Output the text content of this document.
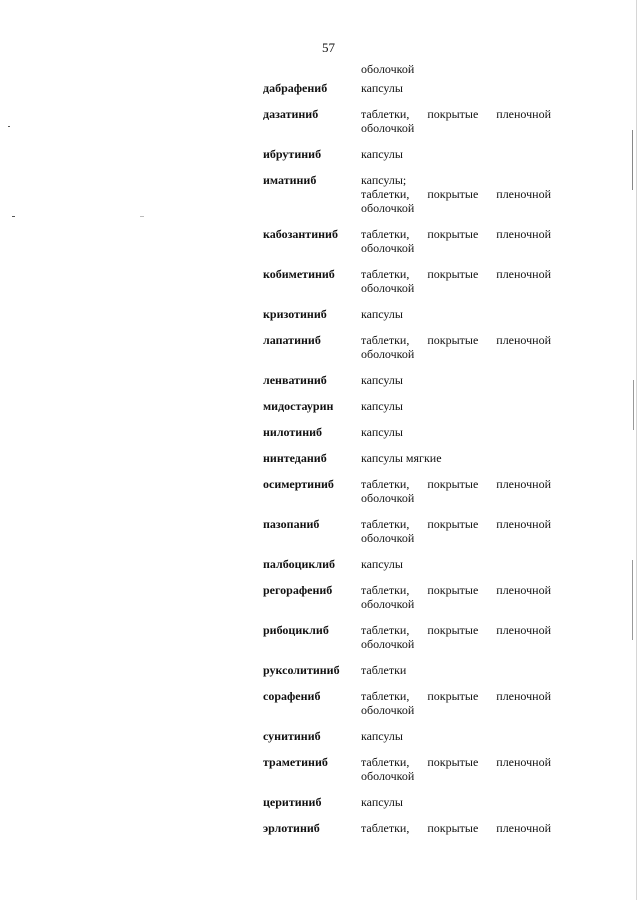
57
оболочкой
дабрафениб	капсулы
дазатиниб	таблетки, покрытые пленочной
оболочкой
ибрутиниб	капсулы
иматиниб	капсулы;
таблетки, покрытые пленочной
оболочкой
кабозантиниб	таблетки, покрытые пленочной
оболочкой
кобиметиниб	таблетки, покрытые пленочной
оболочкой
кризотиниб	капсулы
лапатиниб	таблетки, покрытые пленочной
оболочкой
ленватиниб	капсулы
мидостаурин	капсулы
нилотиниб	капсулы
нинтеданиб	капсулы мягкие
осимертиниб	таблетки, покрытые пленочной
оболочкой
пазопаниб	таблетки, покрытые пленочной
оболочкой
палбоциклиб	капсулы
регорафениб	таблетки, покрытые пленочной
оболочкой
рибоциклиб	таблетки, покрытые пленочной
оболочкой
руксолитиниб	таблетки
сорафениб	таблетки, покрытые пленочной
оболочкой
сунитиниб	капсулы
траметиниб	таблетки, покрытые пленочной
оболочкой
церитиниб	капсулы
эрлотиниб	таблетки, покрытые пленочной
